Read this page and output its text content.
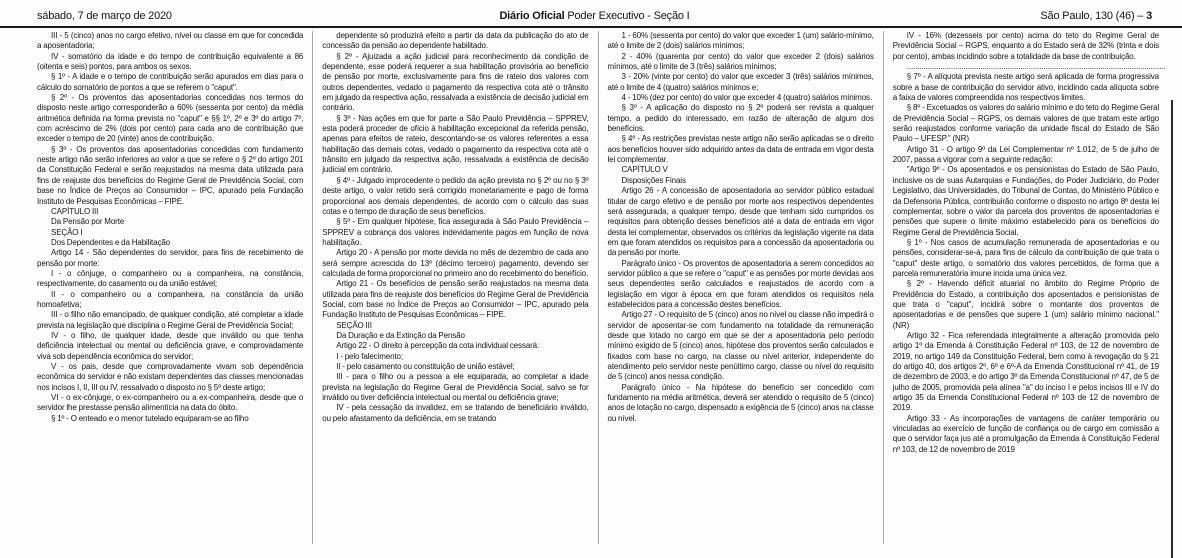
sábado, 7 de março de 2020	Diário Oficial Poder Executivo - Seção I	São Paulo, 130 (46) – 3

III - 5 (cinco) anos no cargo efetivo, nível ou classe em que for concedida a aposentadoria;

IV - somatório da idade e do tempo de contribuição equivalente a 86 (oitenta e seis) pontos, para ambos os sexos.

§ 1º - A idade e o tempo de contribuição serão apurados em dias para o cálculo do somatório de pontos a que se referem o "caput".

§ 2º - Os proventos das aposentadorias concedidas nos termos do disposto neste artigo corresponderão a 60% (sessenta por cento) da média aritmética definida na forma prevista no "caput" e §§ 1º, 2º e 3º do artigo 7º, com acréscimo de 2% (dois por cento) para cada ano de contribuição que exceder o tempo de 20 (vinte) anos de contribuição.

§ 3º - Os proventos das aposentadorias concedidas com fundamento neste artigo não serão inferiores ao valor a que se refere o § 2º do artigo 201 da Constituição Federal e serão reajustados na mesma data utilizada para fins de reajuste dos benefícios do Regime Geral de Previdência Social, com base no Índice de Preços ao Consumidor – IPC, apurado pela Fundação Instituto de Pesquisas Econômicas – FIPE.

CAPÍTULO III

Da Pensão por Morte

SEÇÃO I

Dos Dependentes e da Habilitação

Artigo 14 - São dependentes do servidor, para fins de recebimento de pensão por morte:

I - o cônjuge, o companheiro ou a companheira, na constância, respectivamente, do casamento ou da união estável;

II - o companheiro ou a companheira, na constância da união homoafetiva;

III - o filho não emancipado, de qualquer condição, até completar a idade prevista na legislação que disciplina o Regime Geral de Previdência Social;

IV - o filho, de qualquer idade, desde que inválido ou que tenha deficiência intelectual ou mental ou deficiência grave, e comprovadamente viva sob dependência econômica do servidor;

V - os pais, desde que comprovadamente vivam sob dependência econômica do servidor e não existam dependentes das classes mencionadas nos incisos I, II, III ou IV, ressalvado o disposto no § 5º deste artigo;

VI - o ex-cônjuge, o ex-companheiro ou a ex-companheira, desde que o servidor lhe prestasse pensão alimentícia na data do óbito.

§ 1º - O enteado e o menor tutelado equiparam-se ao filho

dependente só produzirá efeito a partir da data da publicação do ato de concessão da pensão ao dependente habilitado.

§ 2º - Ajuizada a ação judicial para reconhecimento da condição de dependente, esse poderá requerer a sua habilitação provisória ao benefício de pensão por morte, exclusivamente para fins de rateio dos valores com outros dependentes, vedado o pagamento da respectiva cota até o trânsito em julgado da respectiva ação, ressalvada a existência de decisão judicial em contrário.

§ 3º - Nas ações em que for parte a São Paulo Previdência – SPPREV, esta poderá proceder de ofício à habilitação excepcional da referida pensão, apenas para efeitos de rateio, descontando-se os valores referentes a essa habilitação das demais cotas, vedado o pagamento da respectiva cota até o trânsito em julgado da respectiva ação, ressalvada a existência de decisão judicial em contrário.

§ 4º - Julgado improcedente o pedido da ação prevista no § 2º ou no § 3º deste artigo, o valor retido será corrigido monetariamente e pago de forma proporcional aos demais dependentes, de acordo com o cálculo das suas cotas e o tempo de duração de seus benefícios.

§ 5º - Em qualquer hipótese, fica assegurada à São Paulo Previdência – SPPREV a cobrança dos valores indevidamente pagos em função de nova habilitação.

Artigo 20 - A pensão por morte devida no mês de dezembro de cada ano será sempre acrescida do 13º (décimo terceiro) pagamento, devendo ser calculada de forma proporcional no primeiro ano do recebimento do benefício.

Artigo 21 - Os benefícios de pensão serão reajustados na mesma data utilizada para fins de reajuste dos benefícios do Regime Geral de Previdência Social, com base no Índice de Preços ao Consumidor – IPC, apurado pela Fundação Instituto de Pesquisas Econômicas – FIPE.

SEÇÃO III

Da Duração e da Extinção da Pensão

Artigo 22 - O direito à percepção da cota individual cessará:

I - pelo falecimento;

II - pelo casamento ou constituição de união estável;

III - para o filho ou a pessoa a ele equiparada, ao completar a idade prevista na legislação do Regime Geral de Previdência Social, salvo se for inválido ou tiver deficiência intelectual ou mental ou deficiência grave;

IV - pela cessação da invalidez, em se tratando de beneficiário inválido, ou pelo afastamento da deficiência, em se tratando

1 - 60% (sessenta por cento) do valor que exceder 1 (um) salário-mínimo, até o limite de 2 (dois) salários mínimos;

2 - 40% (quarenta por cento) do valor que exceder 2 (dois) salários mínimos, até o limite de 3 (três) salários mínimos;

3 - 20% (vinte por cento) do valor que exceder 3 (três) salários mínimos, até o limite de 4 (quatro) salários mínimos e;

4 - 10% (dez por cento) do valor que exceder 4 (quatro) salários mínimos.

§ 3º - A aplicação do disposto no § 2º poderá ser revista a qualquer tempo, a pedido do interessado, em razão de alteração de algum dos benefícios.

§ 4º - As restrições previstas neste artigo não serão aplicadas se o direito aos benefícios houver sido adquirido antes da data de entrada em vigor desta lei complementar.

CAPÍTULO V

Disposições Finais

Artigo 26 - A concessão de aposentadoria ao servidor público estadual titular de cargo efetivo e de pensão por morte aos respectivos dependentes será assegurada, a qualquer tempo, desde que tenham sido cumpridos os requisitos para obtenção desses benefícios até a data de entrada em vigor desta lei complementar, observados os critérios da legislação vigente na data em que foram atendidos os requisitos para a concessão da aposentadoria ou da pensão por morte.

Parágrafo único - Os proventos de aposentadoria a serem concedidos ao servidor público a que se refere o "caput" e as pensões por morte devidas aos seus dependentes serão calculados e reajustados de acordo com a legislação em vigor à época em que foram atendidos os requisitos nela estabelecidos para a concessão destes benefícios.

Artigo 27 - O requisito de 5 (cinco) anos no nível ou classe não impedirá o servidor de aposentar-se com fundamento na totalidade da remuneração desde que lotado no cargo em que se der a aposentadoria pelo período mínimo exigido de 5 (cinco) anos, hipótese dos proventos serão calculados e fixados com base no cargo, na classe ou nível anterior, independente do atendimento pelo servidor neste penúltimo cargo, classe ou nível do requisito de 5 (cinco) anos nessa condição.

Parágrafo único - Na hipótese do benefício ser concedido com fundamento na média aritmética, deverá ser atendido o requisito de 5 (cinco) anos de lotação no cargo, dispensado a exigência de 5 (cinco) anos na classe ou nível.

IV - 16% (dezesseis por cento) acima do teto do Regime Geral de Previdência Social – RGPS, enquanto a do Estado será de 32% (trinta e dois por cento), ambas incidindo sobre a totalidade da base de contribuição.

...........................................................................................................................

§ 7º - A alíquota prevista neste artigo será aplicada de forma progressiva sobre a base de contribuição do servidor ativo, incidindo cada alíquota sobre a faixa de valores compreendida nos respectivos limites.

§ 8º - Excetuados os valores do salário mínimo e do teto do Regime Geral de Previdência Social – RGPS, os demais valores de que tratam este artigo serão reajustados conforme variação da unidade fiscal do Estado de São Paulo – UFESP." (NR)

Artigo 31 - O artigo 9º da Lei Complementar nº 1.012, de 5 de julho de 2007, passa a vigorar com a seguinte redação:

"Artigo 9º - Os aposentados e os pensionistas do Estado de São Paulo, inclusive os de suas Autarquias e Fundações, do Poder Judiciário, do Poder Legislativo, das Universidades, do Tribunal de Contas, do Ministério Público e da Defensoria Pública, contribuirão conforme o disposto no artigo 8º desta lei complementar, sobre o valor da parcela dos proventos de aposentadorias e pensões que supere o limite máximo estabelecido para os benefícios do Regime Geral de Previdência Social.

§ 1º - Nos casos de acumulação remunerada de aposentadorias e ou pensões, considerar-se-á, para fins de cálculo da contribuição de que trata o "caput" deste artigo, o somatório dos valores percebidos, de forma que a parcela remuneratória imune incida uma única vez.

§ 2º - Havendo déficit atuarial no âmbito do Regime Próprio de Previdência do Estado, a contribuição dos aposentados e pensionistas de que trata o "caput", incidirá sobre o montante dos proventos de aposentadorias e de pensões que supere 1 (um) salário mínimo nacional." (NR)

Artigo 32 - Fica referendada integralmente a alteração promovida pelo artigo 1º da Emenda à Constituição Federal nº 103, de 12 de novembro de 2019, no artigo 149 da Constituição Federal, bem como à revogação do § 21 do artigo 40, dos artigos 2º, 6º e 6º-A da Emenda Constitucional nº 41, de 19 de dezembro de 2003, e do artigo 3º da Emenda Constitucional nº 47, de 5 de julho de 2005, promovida pela alínea "a" do inciso I e pelos incisos III e IV do artigo 35 da Emenda Constitucional Federal nº 103 de 12 de novembro de 2019.

Artigo 33 - As incorporações de vantagens de caráter temporário ou vinculadas ao exercício de função de confiança ou de cargo em comissão a que o servidor faça jus até a promulgação da Emenda à Constituição Federal nº 103, de 12 de novembro de 2019
